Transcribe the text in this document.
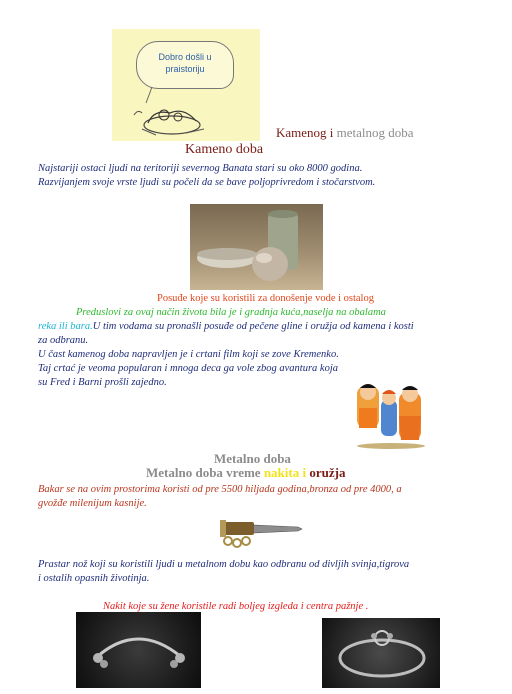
Dobro došli u praistoriju
Kamenog i metalnog doba
Kameno doba
Najstariji ostaci ljudi na teritoriji severnog Banata stari su oko 8000 godina.
Razvijanjem svoje vrste ljudi su počeli da se bave poljoprivredom i stočarstvom.
Posuđe koje su koristili za donošenje vode i ostalog
Preduslovi za ovaj način života bila je i gradnja kuća,naselja na obalama
reka ili bara.U tim vodama su pronašli posuđe od pečene gline i oružja od kamena i kosti
za odbranu.
U čast kamenog doba napravljen je i crtani film koji se zove Kremenko.
Taj crtać je veoma popularan i mnoga deca ga vole zbog avantura koja
su Fred i Barni prošli zajedno.
Metalno doba
Metalno doba vreme nakita i oružja
Bakar se na ovim prostorima koristi od pre 5500 hiljada godina,bronza od pre 4000, a
gvožđe milenijum kasnije.
Prastar nož koji su koristili ljudi u metalnom dobu kao odbranu od divljih svinja,tigrova
i ostalih opasnih životinja.
Nakit koje su žene koristile radi boljeg izgleda i centra pažnje .
